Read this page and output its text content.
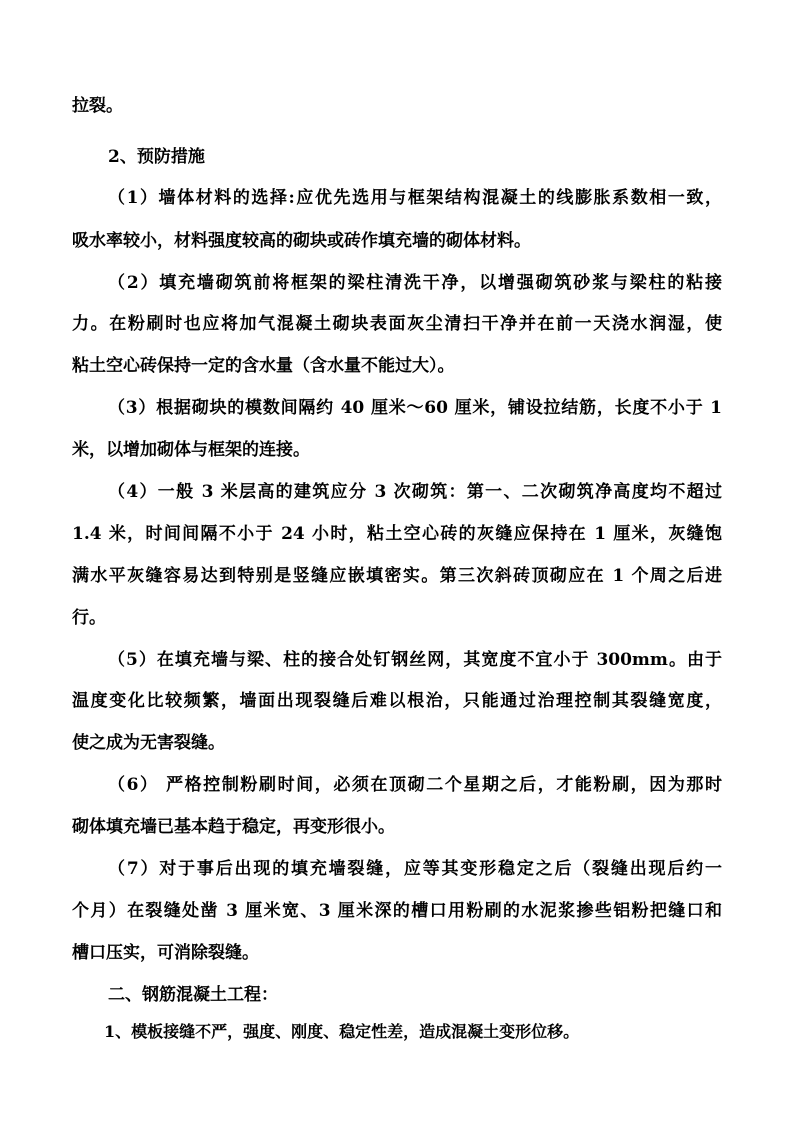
拉裂。
2、预防措施
（1）墙体材料的选择:应优先选用与框架结构混凝土的线膨胀系数相一致，
吸水率较小，材料强度较高的砌块或砖作填充墙的砌体材料。
（2）填充墙砌筑前将框架的梁柱清洗干净，以增强砌筑砂浆与梁柱的粘接
力。在粉刷时也应将加气混凝土砌块表面灰尘清扫干净并在前一天浇水润湿，使
粘土空心砖保持一定的含水量（含水量不能过大）。
（3）根据砌块的模数间隔约 40 厘米～60 厘米，铺设拉结筋，长度不小于 1
米，以增加砌体与框架的连接。
（4）一般 3 米层高的建筑应分 3 次砌筑：第一、二次砌筑净高度均不超过
1.4 米，时间间隔不小于 24 小时，粘土空心砖的灰缝应保持在 1 厘米，灰缝饱
满水平灰缝容易达到特别是竖缝应嵌填密实。第三次斜砖顶砌应在 1 个周之后进
行。
（5）在填充墙与梁、柱的接合处钉钢丝网，其宽度不宜小于 300mm。由于
温度变化比较频繁，墙面出现裂缝后难以根治，只能通过治理控制其裂缝宽度，
使之成为无害裂缝。
（6） 严格控制粉刷时间，必须在顶砌二个星期之后，才能粉刷，因为那时
砌体填充墙已基本趋于稳定，再变形很小。
（7）对于事后出现的填充墙裂缝，应等其变形稳定之后（裂缝出现后约一
个月）在裂缝处凿 3 厘米宽、3 厘米深的槽口用粉刷的水泥浆掺些铝粉把缝口和
槽口压实，可消除裂缝。
二、钢筋混凝土工程：
1、模板接缝不严，强度、刚度、稳定性差，造成混凝土变形位移。
